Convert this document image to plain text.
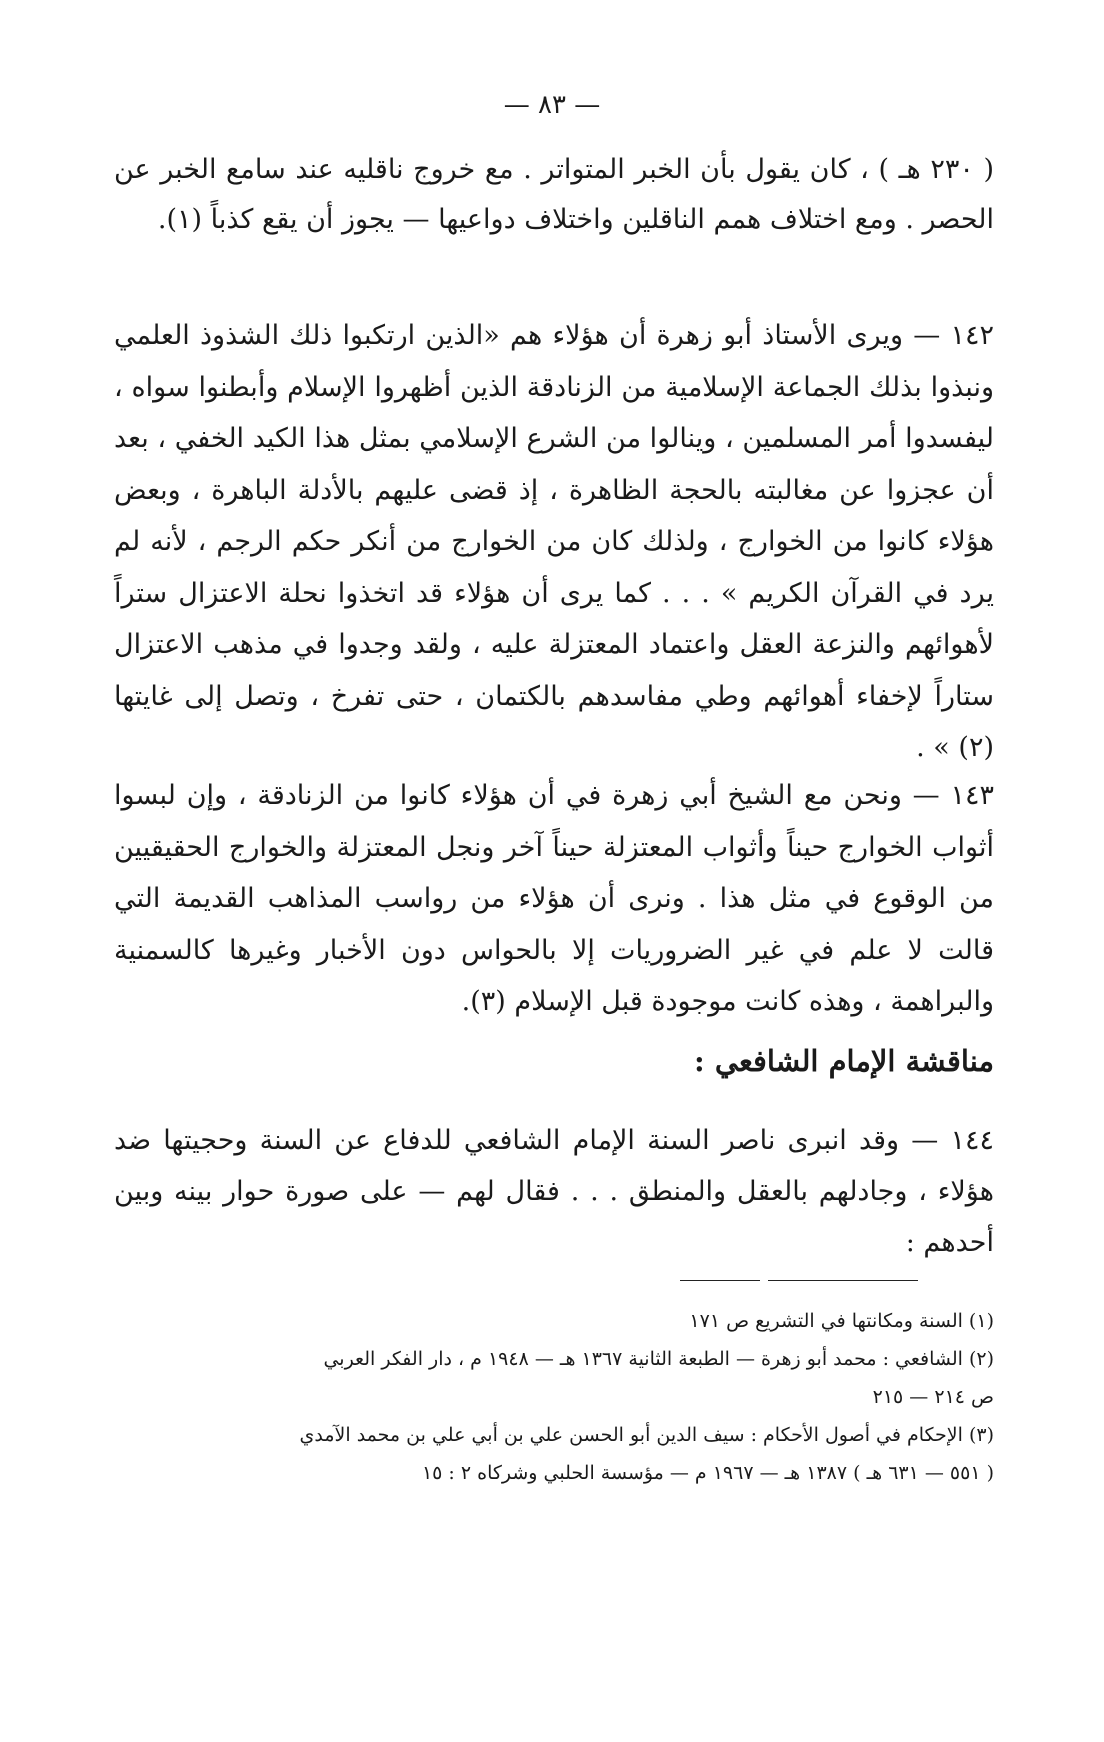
— ٨٣ —

( ٢٣٠ هـ ) ، كان يقول بأن الخبر المتواتر . مع خروج ناقليه عند سامع الخبر عن الحصر . ومع اختلاف همم الناقلين واختلاف دواعيها — يجوز أن يقع كذباً (١).

١٤٢ — ويرى الأستاذ أبو زهرة أن هؤلاء هم «الذين ارتكبوا ذلك الشذوذ العلمي ونبذوا بذلك الجماعة الإسلامية من الزنادقة الذين أظهروا الإسلام وأبطنوا سواه ، ليفسدوا أمر المسلمين ، وينالوا من الشرع الإسلامي بمثل هذا الكيد الخفي ، بعد أن عجزوا عن مغالبته بالحجة الظاهرة ، إذ قضى عليهم بالأدلة الباهرة ، وبعض هؤلاء كانوا من الخوارج ، ولذلك كان من الخوارج من أنكر حكم الرجم ، لأنه لم يرد في القرآن الكريم » . . . كما يرى أن هؤلاء قد اتخذوا نحلة الاعتزال ستراً لأهوائهم والنزعة العقل واعتماد المعتزلة عليه ، ولقد وجدوا في مذهب الاعتزال ستاراً لإخفاء أهوائهم وطي مفاسدهم بالكتمان ، حتى تفرخ ، وتصل إلى غايتها (٢) » .

١٤٣ — ونحن مع الشيخ أبي زهرة في أن هؤلاء كانوا من الزنادقة ، وإن لبسوا أثواب الخوارج حيناً وأثواب المعتزلة حيناً آخر ونجل المعتزلة والخوارج الحقيقيين من الوقوع في مثل هذا . ونرى أن هؤلاء من رواسب المذاهب القديمة التي قالت لا علم في غير الضروريات إلا بالحواس دون الأخبار وغيرها كالسمنية والبراهمة ، وهذه كانت موجودة قبل الإسلام (٣).

مناقشة الإمام الشافعي :

١٤٤ — وقد انبرى ناصر السنة الإمام الشافعي للدفاع عن السنة وحجيتها ضد هؤلاء ، وجادلهم بالعقل والمنطق . . . فقال لهم — على صورة حوار بينه وبين أحدهم :

(١) السنة ومكانتها في التشريع ص ١٧١
(٢) الشافعي : محمد أبو زهرة — الطبعة الثانية ١٣٦٧ هـ — ١٩٤٨ م ، دار الفكر العربي
ص ٢١٤ — ٢١٥
(٣) الإحكام في أصول الأحكام : سيف الدين أبو الحسن علي بن أبي علي بن محمد الآمدي
( ٥٥١ — ٦٣١ هـ ) ١٣٨٧ هـ — ١٩٦٧ م — مؤسسة الحلبي وشركاه ٢ : ١٥
